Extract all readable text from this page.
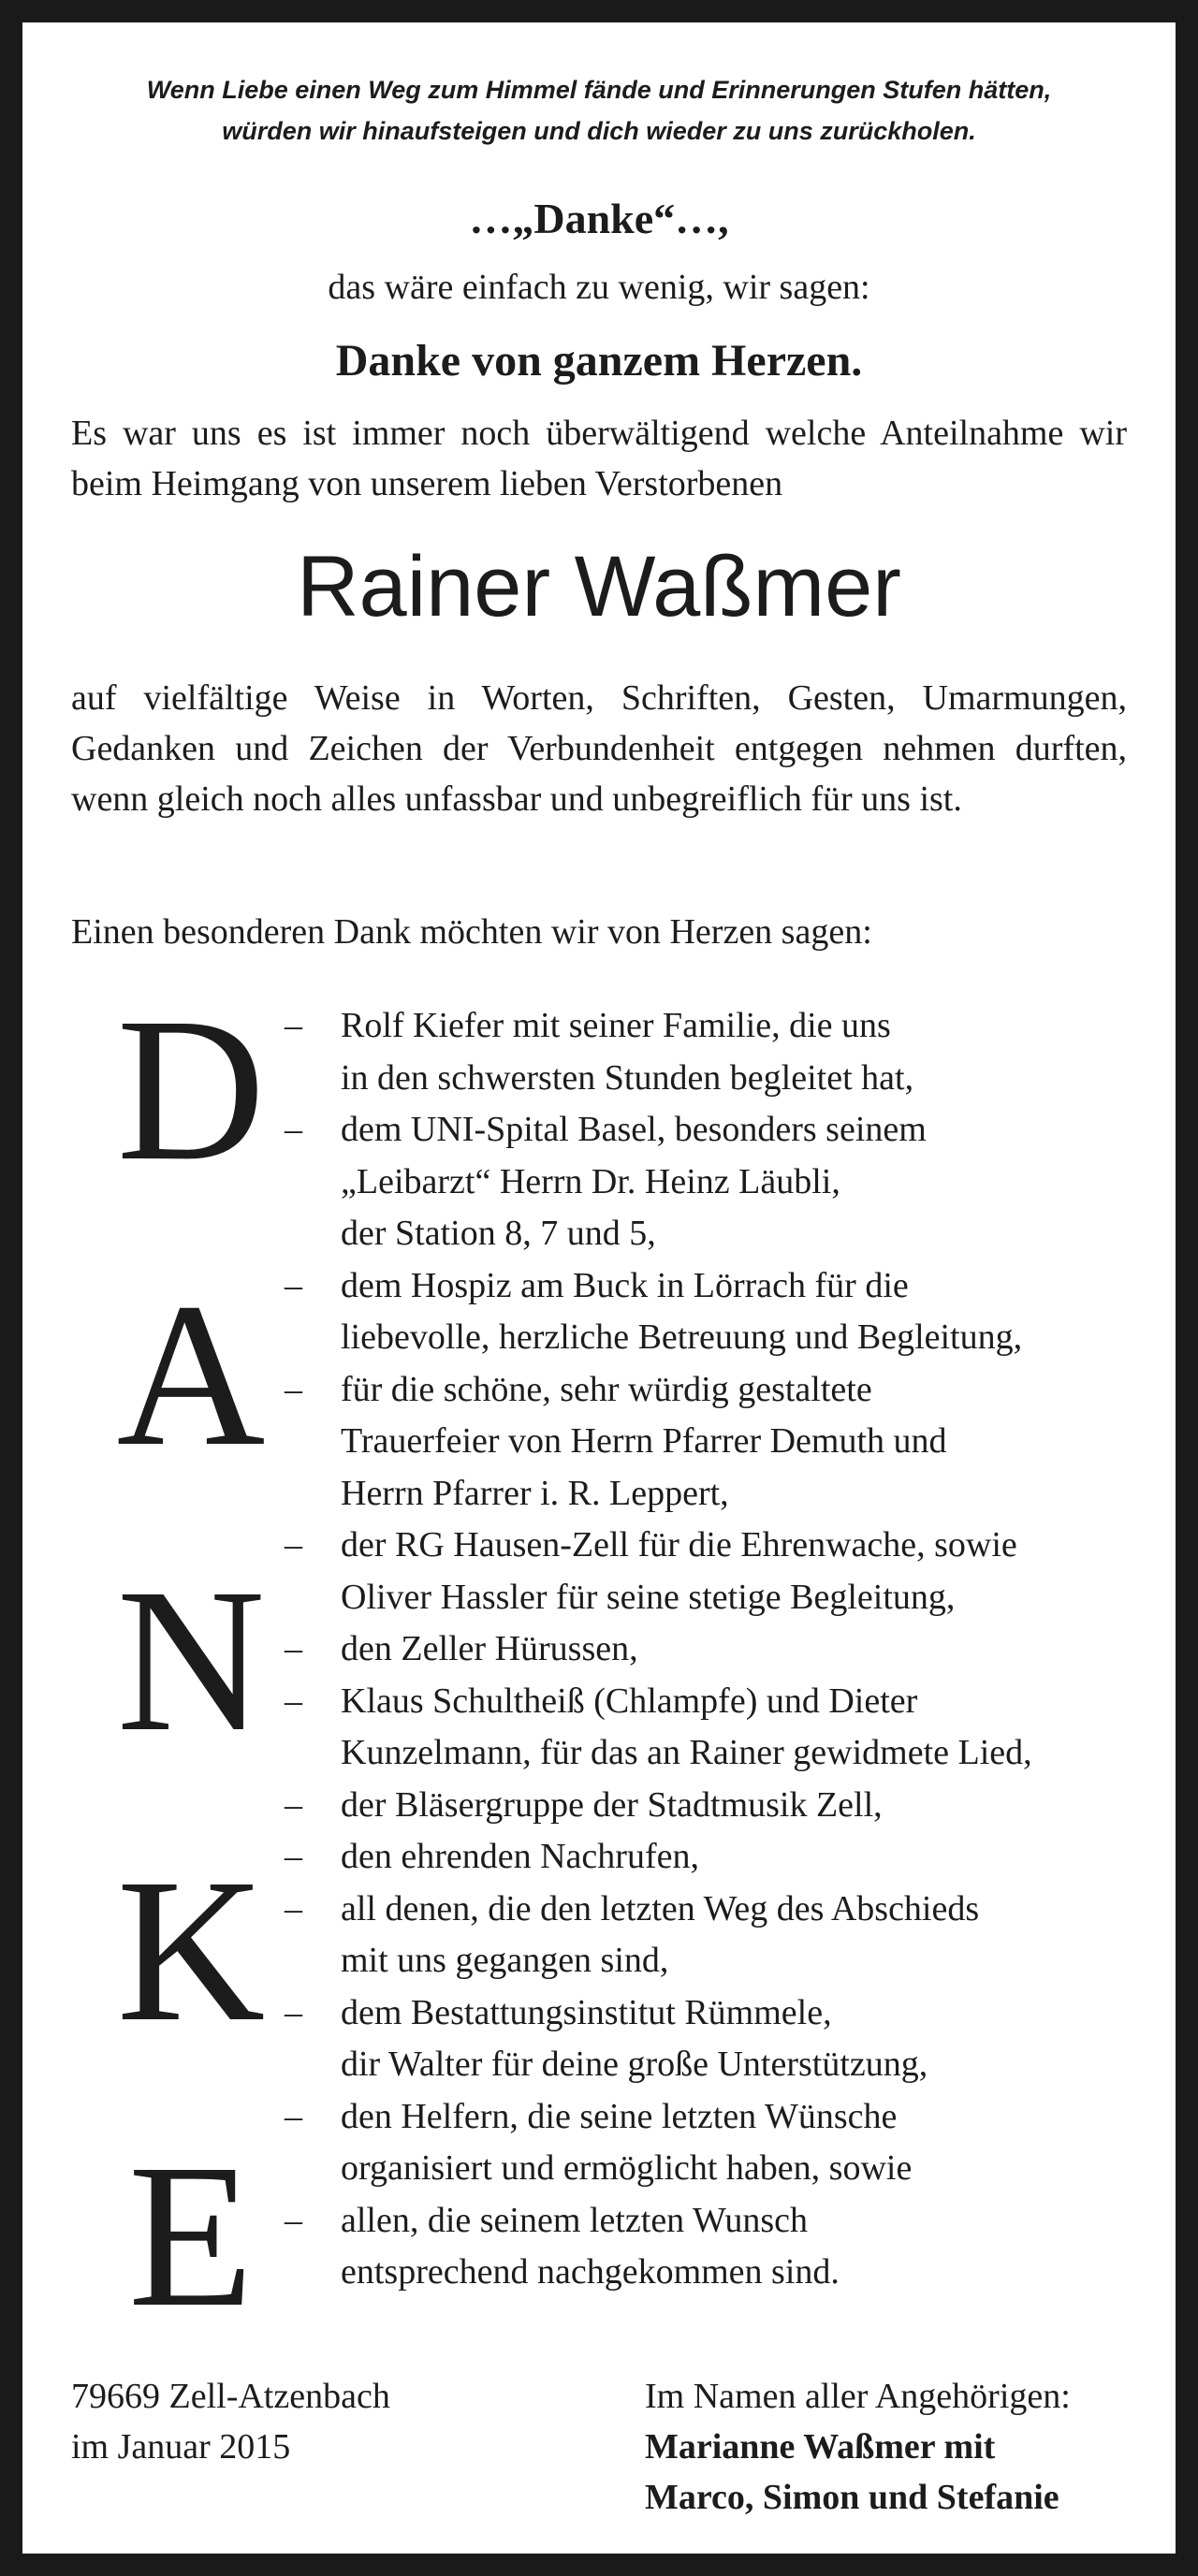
Wenn Liebe einen Weg zum Himmel fände und Erinnerungen Stufen hätten,
würden wir hinaufsteigen und dich wieder zu uns zurückholen.
…„Danke“…,
das wäre einfach zu wenig, wir sagen:
Danke von ganzem Herzen.
Es war uns es ist immer noch überwältigend welche Anteilnahme wir beim Heimgang von unserem lieben Verstorbenen
Rainer Waßmer
auf vielfältige Weise in Worten, Schriften, Gesten, Umarmungen, Gedanken und Zeichen der Verbundenheit entgegen nehmen durften, wenn gleich noch alles unfassbar und unbegreiflich für uns ist.
Einen besonderen Dank möchten wir von Herzen sagen:
D
A
N
K
E
–	Rolf Kiefer mit seiner Familie, die uns
in den schwersten Stunden begleitet hat,
–	dem UNI-Spital Basel, besonders seinem
„Leibarzt“ Herrn Dr. Heinz Läubli,
der Station 8, 7 und 5,
–	dem Hospiz am Buck in Lörrach für die
liebevolle, herzliche Betreuung und Begleitung,
–	für die schöne, sehr würdig gestaltete
Trauerfeier von Herrn Pfarrer Demuth und
Herrn Pfarrer i. R. Leppert,
–	der RG Hausen-Zell für die Ehrenwache, sowie
Oliver Hassler für seine stetige Begleitung,
–	den Zeller Hürussen,
–	Klaus Schultheiß (Chlampfe) und Dieter
Kunzelmann, für das an Rainer gewidmete Lied,
–	der Bläsergruppe der Stadtmusik Zell,
–	den ehrenden Nachrufen,
–	all denen, die den letzten Weg des Abschieds
mit uns gegangen sind,
–	dem Bestattungsinstitut Rümmele,
dir Walter für deine große Unterstützung,
–	den Helfern, die seine letzten Wünsche
organisiert und ermöglicht haben, sowie
–	allen, die seinem letzten Wunsch
entsprechend nachgekommen sind.
79669 Zell-Atzenbach
im Januar 2015
Im Namen aller Angehörigen:
Marianne Waßmer mit
Marco, Simon und Stefanie
